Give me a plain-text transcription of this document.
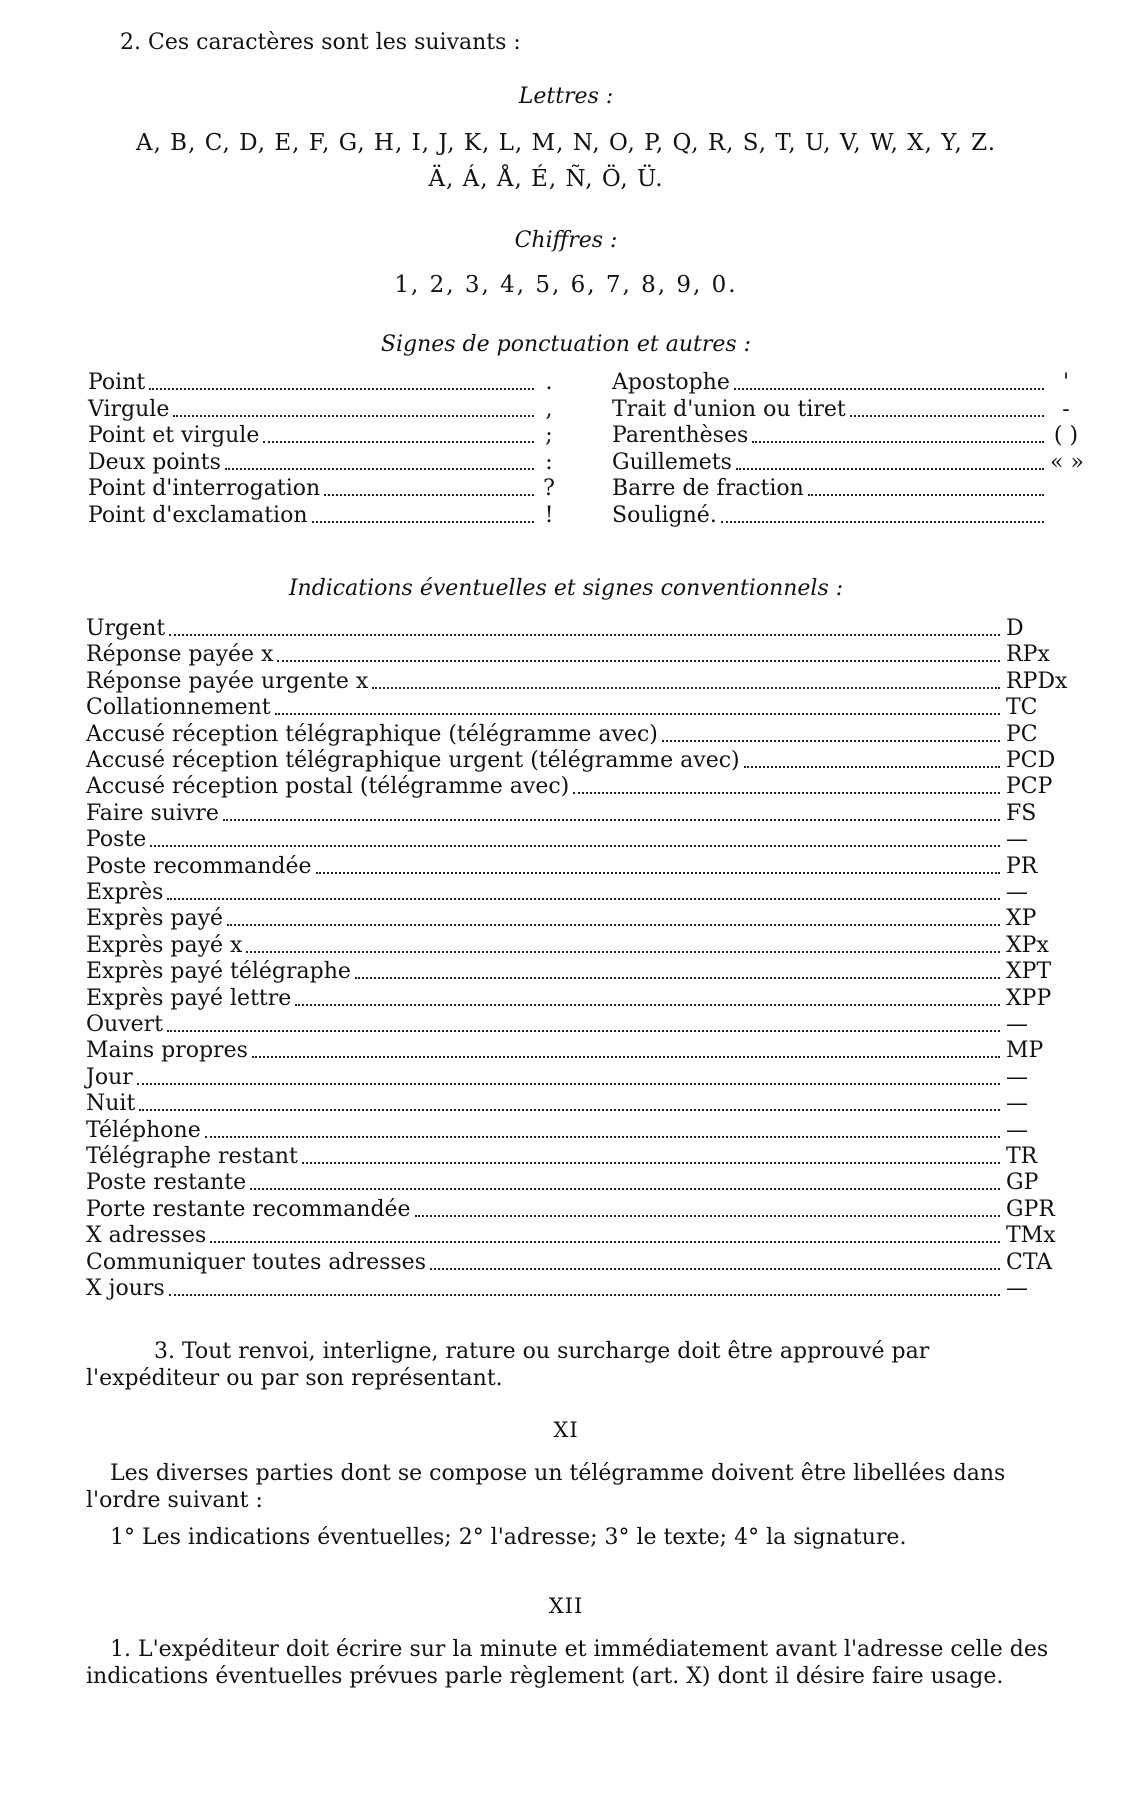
2. Ces caractères sont les suivants :
Lettres :
A, B, C, D, E, F, G, H, I, J, K, L, M, N, O, P, Q, R, S, T, U, V, W, X, Y, Z.
Ä, Á, Å, É, Ñ, Ö, Ü.
Chiffres :
1, 2, 3, 4, 5, 6, 7, 8, 9, 0.
Signes de ponctuation et autres :
Point	.
Virgule	,
Point et virgule	;
Deux points	:
Point d'interrogation	?
Point d'exclamation	!
Apostophe	'
Trait d'union ou tiret	-
Parenthèses	( )
Guillemets	« »
Barre de fraction
Souligné.
Indications éventuelles et signes conventionnels :
Urgent	D
Réponse payée x	RPx
Réponse payée urgente x	RPDx
Collationnement	TC
Accusé réception télégraphique (télégramme avec)	PC
Accusé réception télégraphique urgent (télégramme avec)	PCD
Accusé réception postal (télégramme avec)	PCP
Faire suivre	FS
Poste	—
Poste recommandée	PR
Exprès	—
Exprès payé	XP
Exprès payé x	XPx
Exprès payé télégraphe	XPT
Exprès payé lettre	XPP
Ouvert	—
Mains propres	MP
Jour	—
Nuit	—
Téléphone	—
Télégraphe restant	TR
Poste restante	GP
Porte restante recommandée	GPR
X adresses	TMx
Communiquer toutes adresses	CTA
X jours	—
3. Tout renvoi, interligne, rature ou surcharge doit être approuvé par l'expéditeur ou par son représentant.
XI
Les diverses parties dont se compose un télégramme doivent être libellées dans l'ordre suivant :
1° Les indications éventuelles; 2° l'adresse; 3° le texte; 4° la signature.
XII
1. L'expéditeur doit écrire sur la minute et immédiatement avant l'adresse celle des indications éventuelles prévues parle règlement (art. X) dont il désire faire usage.
